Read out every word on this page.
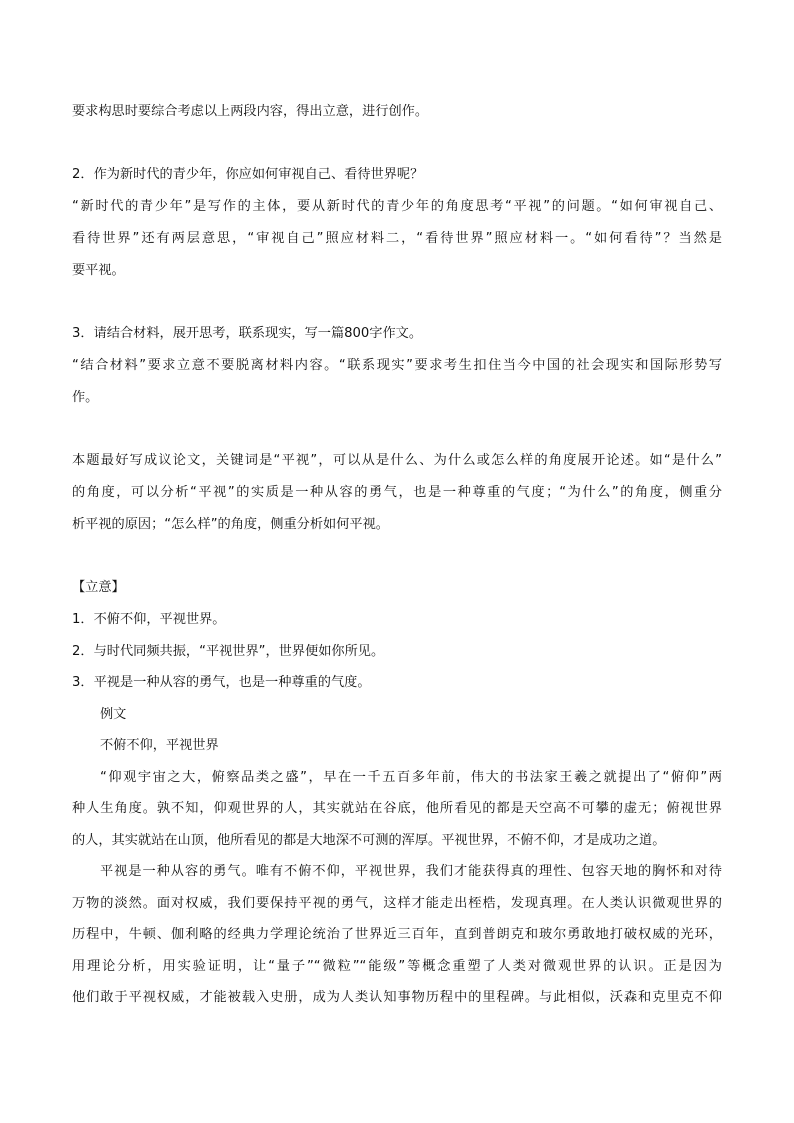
要求构思时要综合考虑以上两段内容，得出立意，进行创作。
2．作为新时代的青少年，你应如何审视自己、看待世界呢？
“新时代的青少年”是写作的主体，要从新时代的青少年的角度思考“平视”的问题。“如何审视自己、
看待世界”还有两层意思，“审视自己”照应材料二，“看待世界”照应材料一。“如何看待”？当然是
要平视。
3．请结合材料，展开思考，联系现实，写一篇800字作文。
“结合材料”要求立意不要脱离材料内容。“联系现实”要求考生扣住当今中国的社会现实和国际形势写
作。
本题最好写成议论文，关键词是“平视”，可以从是什么、为什么或怎么样的角度展开论述。如“是什么”
的角度，可以分析“平视”的实质是一种从容的勇气，也是一种尊重的气度；“为什么”的角度，侧重分
析平视的原因；“怎么样”的角度，侧重分析如何平视。
【立意】
1．不俯不仰，平视世界。
2．与时代同频共振，“平视世界”，世界便如你所见。
3．平视是一种从容的勇气，也是一种尊重的气度。
例文
不俯不仰，平视世界
“仰观宇宙之大，俯察品类之盛”，早在一千五百多年前，伟大的书法家王羲之就提出了“俯仰”两
种人生角度。孰不知，仰观世界的人，其实就站在谷底，他所看见的都是天空高不可攀的虚无；俯视世界
的人，其实就站在山顶，他所看见的都是大地深不可测的浑厚。平视世界，不俯不仰，才是成功之道。
平视是一种从容的勇气。唯有不俯不仰，平视世界，我们才能获得真的理性、包容天地的胸怀和对待
万物的淡然。面对权威，我们要保持平视的勇气，这样才能走出桎梏，发现真理。在人类认识微观世界的
历程中，牛顿、伽利略的经典力学理论统治了世界近三百年，直到普朗克和玻尔勇敢地打破权威的光环，
用理论分析，用实验证明，让“量子”“微粒”“能级”等概念重塑了人类对微观世界的认识。正是因为
他们敢于平视权威，才能被载入史册，成为人类认知事物历程中的里程碑。与此相似，沃森和克里克不仰
